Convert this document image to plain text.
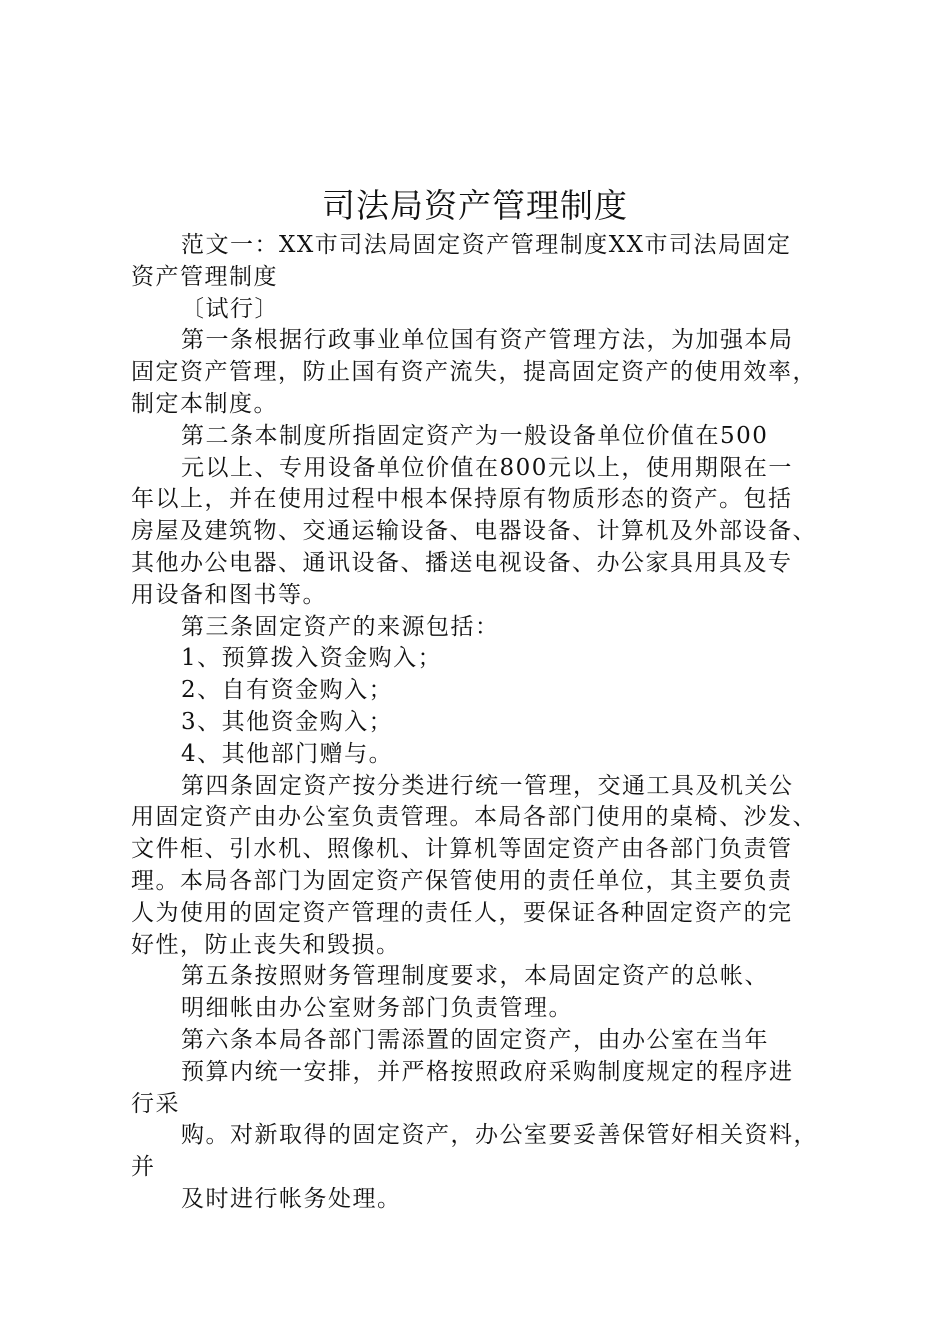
司法局资产管理制度
范文一：XX市司法局固定资产管理制度XX市司法局固定
资产管理制度
〔试行〕
第一条根据行政事业单位国有资产管理方法，为加强本局
固定资产管理，防止国有资产流失，提高固定资产的使用效率，
制定本制度。
第二条本制度所指固定资产为一般设备单位价值在500
元以上、专用设备单位价值在800元以上，使用期限在一
年以上，并在使用过程中根本保持原有物质形态的资产。包括
房屋及建筑物、交通运输设备、电器设备、计算机及外部设备、
其他办公电器、通讯设备、播送电视设备、办公家具用具及专
用设备和图书等。
第三条固定资产的来源包括：
1、预算拨入资金购入；
2、自有资金购入；
3、其他资金购入；
4、其他部门赠与。
第四条固定资产按分类进行统一管理，交通工具及机关公
用固定资产由办公室负责管理。本局各部门使用的桌椅、沙发、
文件柜、引水机、照像机、计算机等固定资产由各部门负责管
理。本局各部门为固定资产保管使用的责任单位，其主要负责
人为使用的固定资产管理的责任人，要保证各种固定资产的完
好性，防止丧失和毁损。
第五条按照财务管理制度要求，本局固定资产的总帐、
明细帐由办公室财务部门负责管理。
第六条本局各部门需添置的固定资产，由办公室在当年
预算内统一安排，并严格按照政府采购制度规定的程序进
行采
购。对新取得的固定资产，办公室要妥善保管好相关资料，
并
及时进行帐务处理。
